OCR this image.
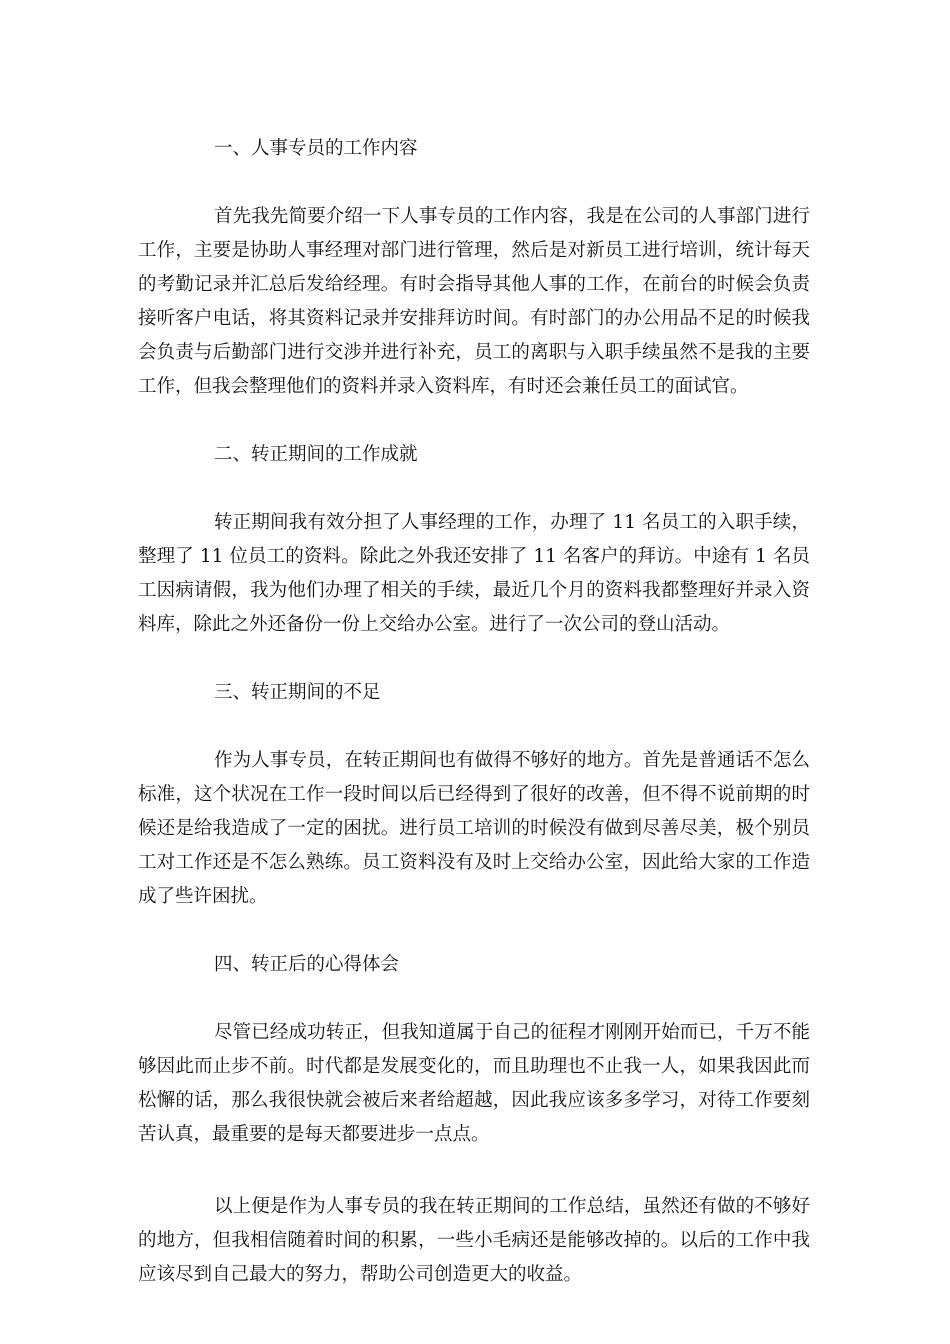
一、人事专员的工作内容

首先我先简要介绍一下人事专员的工作内容，我是在公司的人事部门进行工作，主要是协助人事经理对部门进行管理，然后是对新员工进行培训，统计每天的考勤记录并汇总后发给经理。有时会指导其他人事的工作，在前台的时候会负责接听客户电话，将其资料记录并安排拜访时间。有时部门的办公用品不足的时候我会负责与后勤部门进行交涉并进行补充，员工的离职与入职手续虽然不是我的主要工作，但我会整理他们的资料并录入资料库，有时还会兼任员工的面试官。

二、转正期间的工作成就

转正期间我有效分担了人事经理的工作，办理了 11 名员工的入职手续，整理了 11 位员工的资料。除此之外我还安排了 11 名客户的拜访。中途有 1 名员工因病请假，我为他们办理了相关的手续，最近几个月的资料我都整理好并录入资料库，除此之外还备份一份上交给办公室。进行了一次公司的登山活动。

三、转正期间的不足

作为人事专员，在转正期间也有做得不够好的地方。首先是普通话不怎么标准，这个状况在工作一段时间以后已经得到了很好的改善，但不得不说前期的时候还是给我造成了一定的困扰。进行员工培训的时候没有做到尽善尽美，极个别员工对工作还是不怎么熟练。员工资料没有及时上交给办公室，因此给大家的工作造成了些许困扰。

四、转正后的心得体会

尽管已经成功转正，但我知道属于自己的征程才刚刚开始而已，千万不能够因此而止步不前。时代都是发展变化的，而且助理也不止我一人，如果我因此而松懈的话，那么我很快就会被后来者给超越，因此我应该多多学习，对待工作要刻苦认真，最重要的是每天都要进步一点点。

以上便是作为人事专员的我在转正期间的工作总结，虽然还有做的不够好的地方，但我相信随着时间的积累，一些小毛病还是能够改掉的。以后的工作中我应该尽到自己最大的努力，帮助公司创造更大的收益。
